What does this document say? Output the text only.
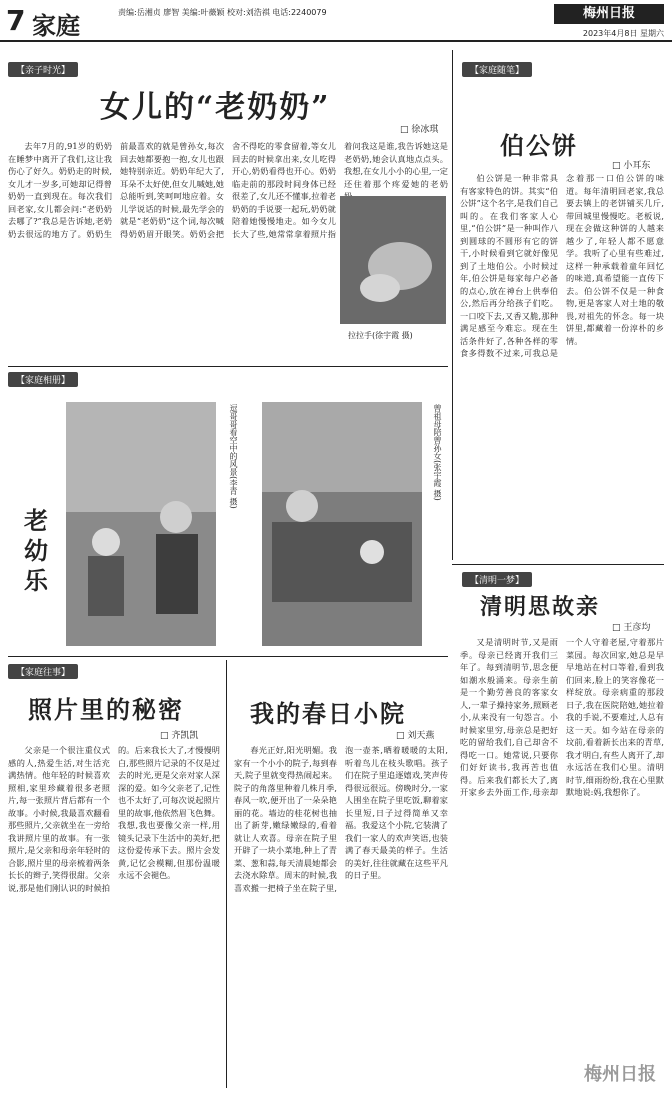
7 家庭	责编:岳湘贞 廖智 美编:叶薇颖 校对:刘浩祺 电话:2240079	梅州日报
2023年4月8日 星期六
【亲子时光】
女儿的“老奶奶”
□ 徐冰琪
去年7月的,91岁的奶奶在睡梦中离开了我们,这让我伤心了好久。奶奶走的时候,女儿才一岁多,可她却记得曾奶奶一直到现在。每次我们回老家,女儿都会问:“老奶奶去哪了?”我总是告诉她,老奶奶去很远的地方了。奶奶生前最喜欢的就是曾孙女,每次回去她都要抱一抱,女儿也跟她特别亲近。奶奶年纪大了,耳朵不太好使,但女儿喊她,她总能听到,笑呵呵地应着。女儿学说话的时候,最先学会的就是“老奶奶”这个词,每次喊得奶奶眉开眼笑。奶奶会把舍不得吃的零食留着,等女儿回去的时候拿出来,女儿吃得开心,奶奶看得也开心。奶奶临走前的那段时间身体已经很差了,女儿还不懂事,拉着老奶奶的手说要一起玩,奶奶就陪着她慢慢地走。如今女儿长大了些,她常常拿着照片指着问我这是谁,我告诉她这是老奶奶,她会认真地点点头。我想,在女儿小小的心里,一定还住着那个疼爱她的老奶
拉拉手(徐宇霞 摄)
【家庭随笔】
伯公饼
□ 小耳东
伯公饼是一种非常具有客家特色的饼。其实“伯公饼”这个名字,是我们自己叫的。在我们客家人心里,“伯公饼”是一种叫作八到圆球的不圆形有它的饼干,小时候看到它就好像见到了土地伯公。小时候过年,伯公饼是每家每户必备的点心,放在神台上供奉伯公,然后再分给孩子们吃。一口咬下去,又香又脆,那种满足感至今难忘。现在生活条件好了,各种各样的零食多得数不过来,可我总是念着那一口伯公饼的味道。每年清明回老家,我总要去镇上的老饼铺买几斤,带回城里慢慢吃。老板说,现在会做这种饼的人越来越少了,年轻人都不愿意学。我听了心里有些难过,这样一种承载着童年回忆的味道,真希望能一直传下去。伯公饼不仅是一种食物,更是客家人对土地的敬畏,对祖先的怀念。每一块饼里,都藏着一份淳朴的乡情。
【家庭相册】
老幼乐
逗哥哥看空中的风景(李青 摄)	曾祖母陪曾孙女(张宇霞 摄)
【清明一梦】
清明思故亲
□ 王彦均
又是清明时节,又是雨季。母亲已经离开我们三年了。每到清明节,思念便如潮水般涌来。母亲生前是一个勤劳善良的客家女人,一辈子操持家务,照顾老小,从来没有一句怨言。小时候家里穷,母亲总是把好吃的留给我们,自己却舍不得吃一口。她常说,只要你们好好读书,我再苦也值得。后来我们都长大了,离开家乡去外面工作,母亲却一个人守着老屋,守着那片菜园。每次回家,她总是早早地站在村口等着,看到我们回来,脸上的笑容像花一样绽放。母亲病重的那段日子,我在医院陪她,她拉着我的手说,不要难过,人总有这一天。如今站在母亲的坟前,看着新长出来的青草,我才明白,有些人离开了,却永远活在我们心里。清明时节,细雨纷纷,我在心里默默地说:妈,我想你了。
【家庭往事】
照片里的秘密
□ 齐凯凯
父亲是一个很注重仪式感的人,热爱生活,对生活充满热情。他年轻的时候喜欢照相,家里珍藏着很多老照片,每一张照片背后都有一个故事。小时候,我最喜欢翻看那些照片,父亲就坐在一旁给我讲照片里的故事。有一张照片,是父亲和母亲年轻时的合影,照片里的母亲梳着两条长长的辫子,笑得很甜。父亲说,那是他们刚认识的时候拍的。后来我长大了,才慢慢明白,那些照片记录的不仅是过去的时光,更是父亲对家人深深的爱。如今父亲老了,记性也不太好了,可每次说起照片里的故事,他依然眉飞色舞。我想,我也要像父亲一样,用镜头记录下生活中的美好,把这份爱传承下去。照片会发黄,记忆会模糊,但那份温暖永远不会褪色。
我的春日小院
□ 刘天燕
春光正好,阳光明媚。我家有一个小小的院子,每到春天,院子里就变得热闹起来。院子的角落里种着几株月季,春风一吹,便开出了一朵朵艳丽的花。墙边的桂花树也抽出了新芽,嫩绿嫩绿的,看着就让人欢喜。母亲在院子里开辟了一块小菜地,种上了青菜、葱和蒜,每天清晨她都会去浇水除草。周末的时候,我喜欢搬一把椅子坐在院子里,泡一壶茶,晒着暖暖的太阳,听着鸟儿在枝头歌唱。孩子们在院子里追逐嬉戏,笑声传得很远很远。傍晚时分,一家人围坐在院子里吃饭,聊着家长里短,日子过得简单又幸福。我爱这个小院,它装满了我们一家人的欢声笑语,也装满了春天最美的样子。生活的美好,往往就藏在这些平凡的日子里。
梅州日报
